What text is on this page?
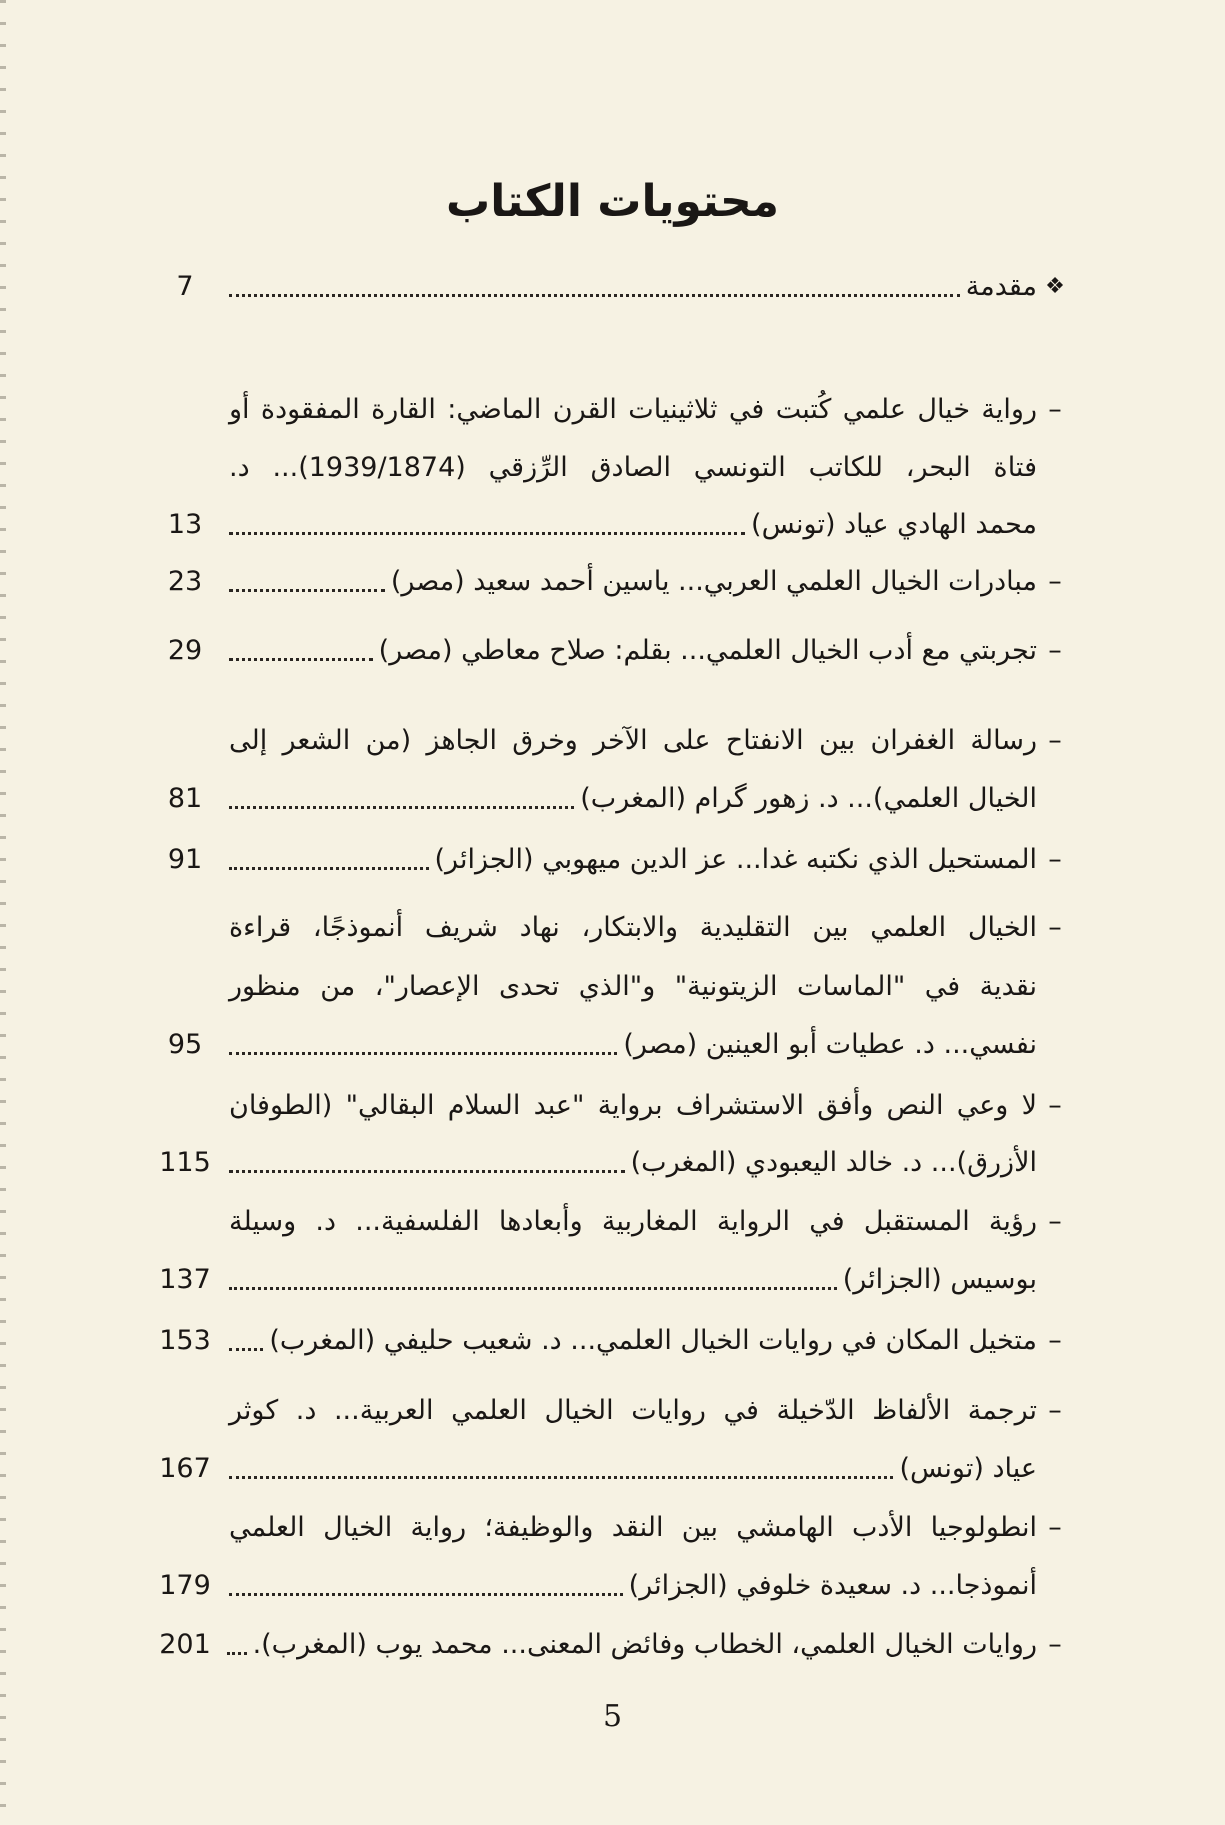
محتويات الكتاب
❖
مقدمة
7
–
رواية خيال علمي كُتبت في ثلاثينيات القرن الماضي: القارة المفقودة أو
فتاة البحر، للكاتب التونسي الصادق الرِّزقي (1939/1874)... د.
محمد الهادي عياد (تونس)
13
–
مبادرات الخيال العلمي العربي... ياسين أحمد سعيد (مصر)
23
–
تجربتي مع أدب الخيال العلمي... بقلم: صلاح معاطي (مصر)
29
–
رسالة الغفران بين الانفتاح على الآخر وخرق الجاهز (من الشعر إلى
الخيال العلمي)... د. زهور گرام (المغرب)
81
–
المستحيل الذي نكتبه غدا... عز الدين ميهوبي (الجزائر)
91
–
الخيال العلمي بين التقليدية والابتكار، نهاد شريف أنموذجًا، قراءة
نقدية في "الماسات الزيتونية" و"الذي تحدى الإعصار"، من منظور
نفسي... د. عطيات أبو العينين (مصر)
95
–
لا وعي النص وأفق الاستشراف برواية "عبد السلام البقالي" (الطوفان
الأزرق)... د. خالد اليعبودي (المغرب)
115
–
رؤية المستقبل في الرواية المغاربية وأبعادها الفلسفية... د. وسيلة
بوسيس (الجزائر)
137
–
متخيل المكان في روايات الخيال العلمي... د. شعيب حليفي (المغرب)
153
–
ترجمة الألفاظ الدّخيلة في روايات الخيال العلمي العربية... د. كوثر
عياد (تونس)
167
–
انطولوجيا الأدب الهامشي بين النقد والوظيفة؛ رواية الخيال العلمي
أنموذجا... د. سعيدة خلوفي (الجزائر)
179
–
روايات الخيال العلمي، الخطاب وفائض المعنى... محمد يوب (المغرب).
201
5
